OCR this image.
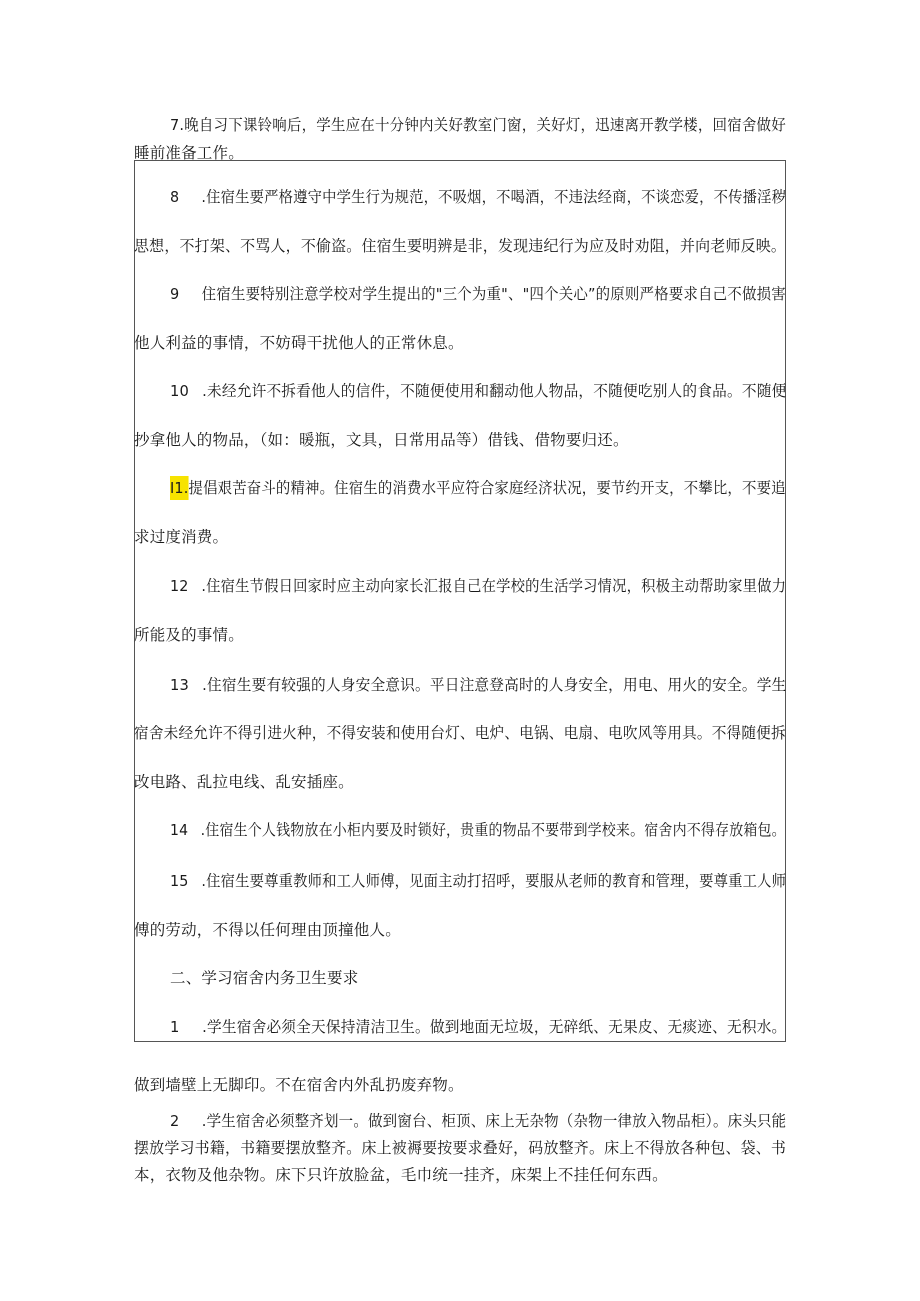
7.晚自习下课铃响后，学生应在十分钟内关好教室门窗，关好灯，迅速离开教学楼，回宿舍做好
睡前准备工作。
8 .住宿生要严格遵守中学生行为规范，不吸烟，不喝酒，不违法经商，不谈恋爱，不传播淫秽
思想，不打架、不骂人，不偷盗。住宿生要明辨是非，发现违纪行为应及时劝阻，并向老师反映。
9 住宿生要特别注意学校对学生提出的"三个为重"、"四个关心”的原则严格要求自己不做损害
他人利益的事情，不妨碍干扰他人的正常休息。
10 .未经允许不拆看他人的信件，不随便使用和翻动他人物品，不随便吃别人的食品。不随便
抄拿他人的物品，（如：暖瓶，文具，日常用品等）借钱、借物要归还。
I1.提倡艰苦奋斗的精神。住宿生的消费水平应符合家庭经济状况，要节约开支，不攀比，不要追
求过度消费。
12 .住宿生节假日回家时应主动向家长汇报自己在学校的生活学习情况，积极主动帮助家里做力
所能及的事情。
13 .住宿生要有较强的人身安全意识。平日注意登高时的人身安全，用电、用火的安全。学生
宿舍未经允许不得引进火种，不得安装和使用台灯、电炉、电锅、电扇、电吹风等用具。不得随便拆
改电路、乱拉电线、乱安插座。
14 .住宿生个人钱物放在小柜内要及时锁好，贵重的物品不要带到学校来。宿舍内不得存放箱包。
15 .住宿生要尊重教师和工人师傅，见面主动打招呼，要服从老师的教育和管理，要尊重工人师
傅的劳动，不得以任何理由顶撞他人。
二、学习宿舍内务卫生要求
1 .学生宿舍必须全天保持清洁卫生。做到地面无垃圾，无碎纸、无果皮、无痰迹、无积水。
做到墙壁上无脚印。不在宿舍内外乱扔废弃物。
2 .学生宿舍必须整齐划一。做到窗台、柜顶、床上无杂物（杂物一律放入物品柜）。床头只能
摆放学习书籍，书籍要摆放整齐。床上被褥要按要求叠好，码放整齐。床上不得放各种包、袋、书
本，衣物及他杂物。床下只许放脸盆，毛巾统一挂齐，床架上不挂任何东西。
